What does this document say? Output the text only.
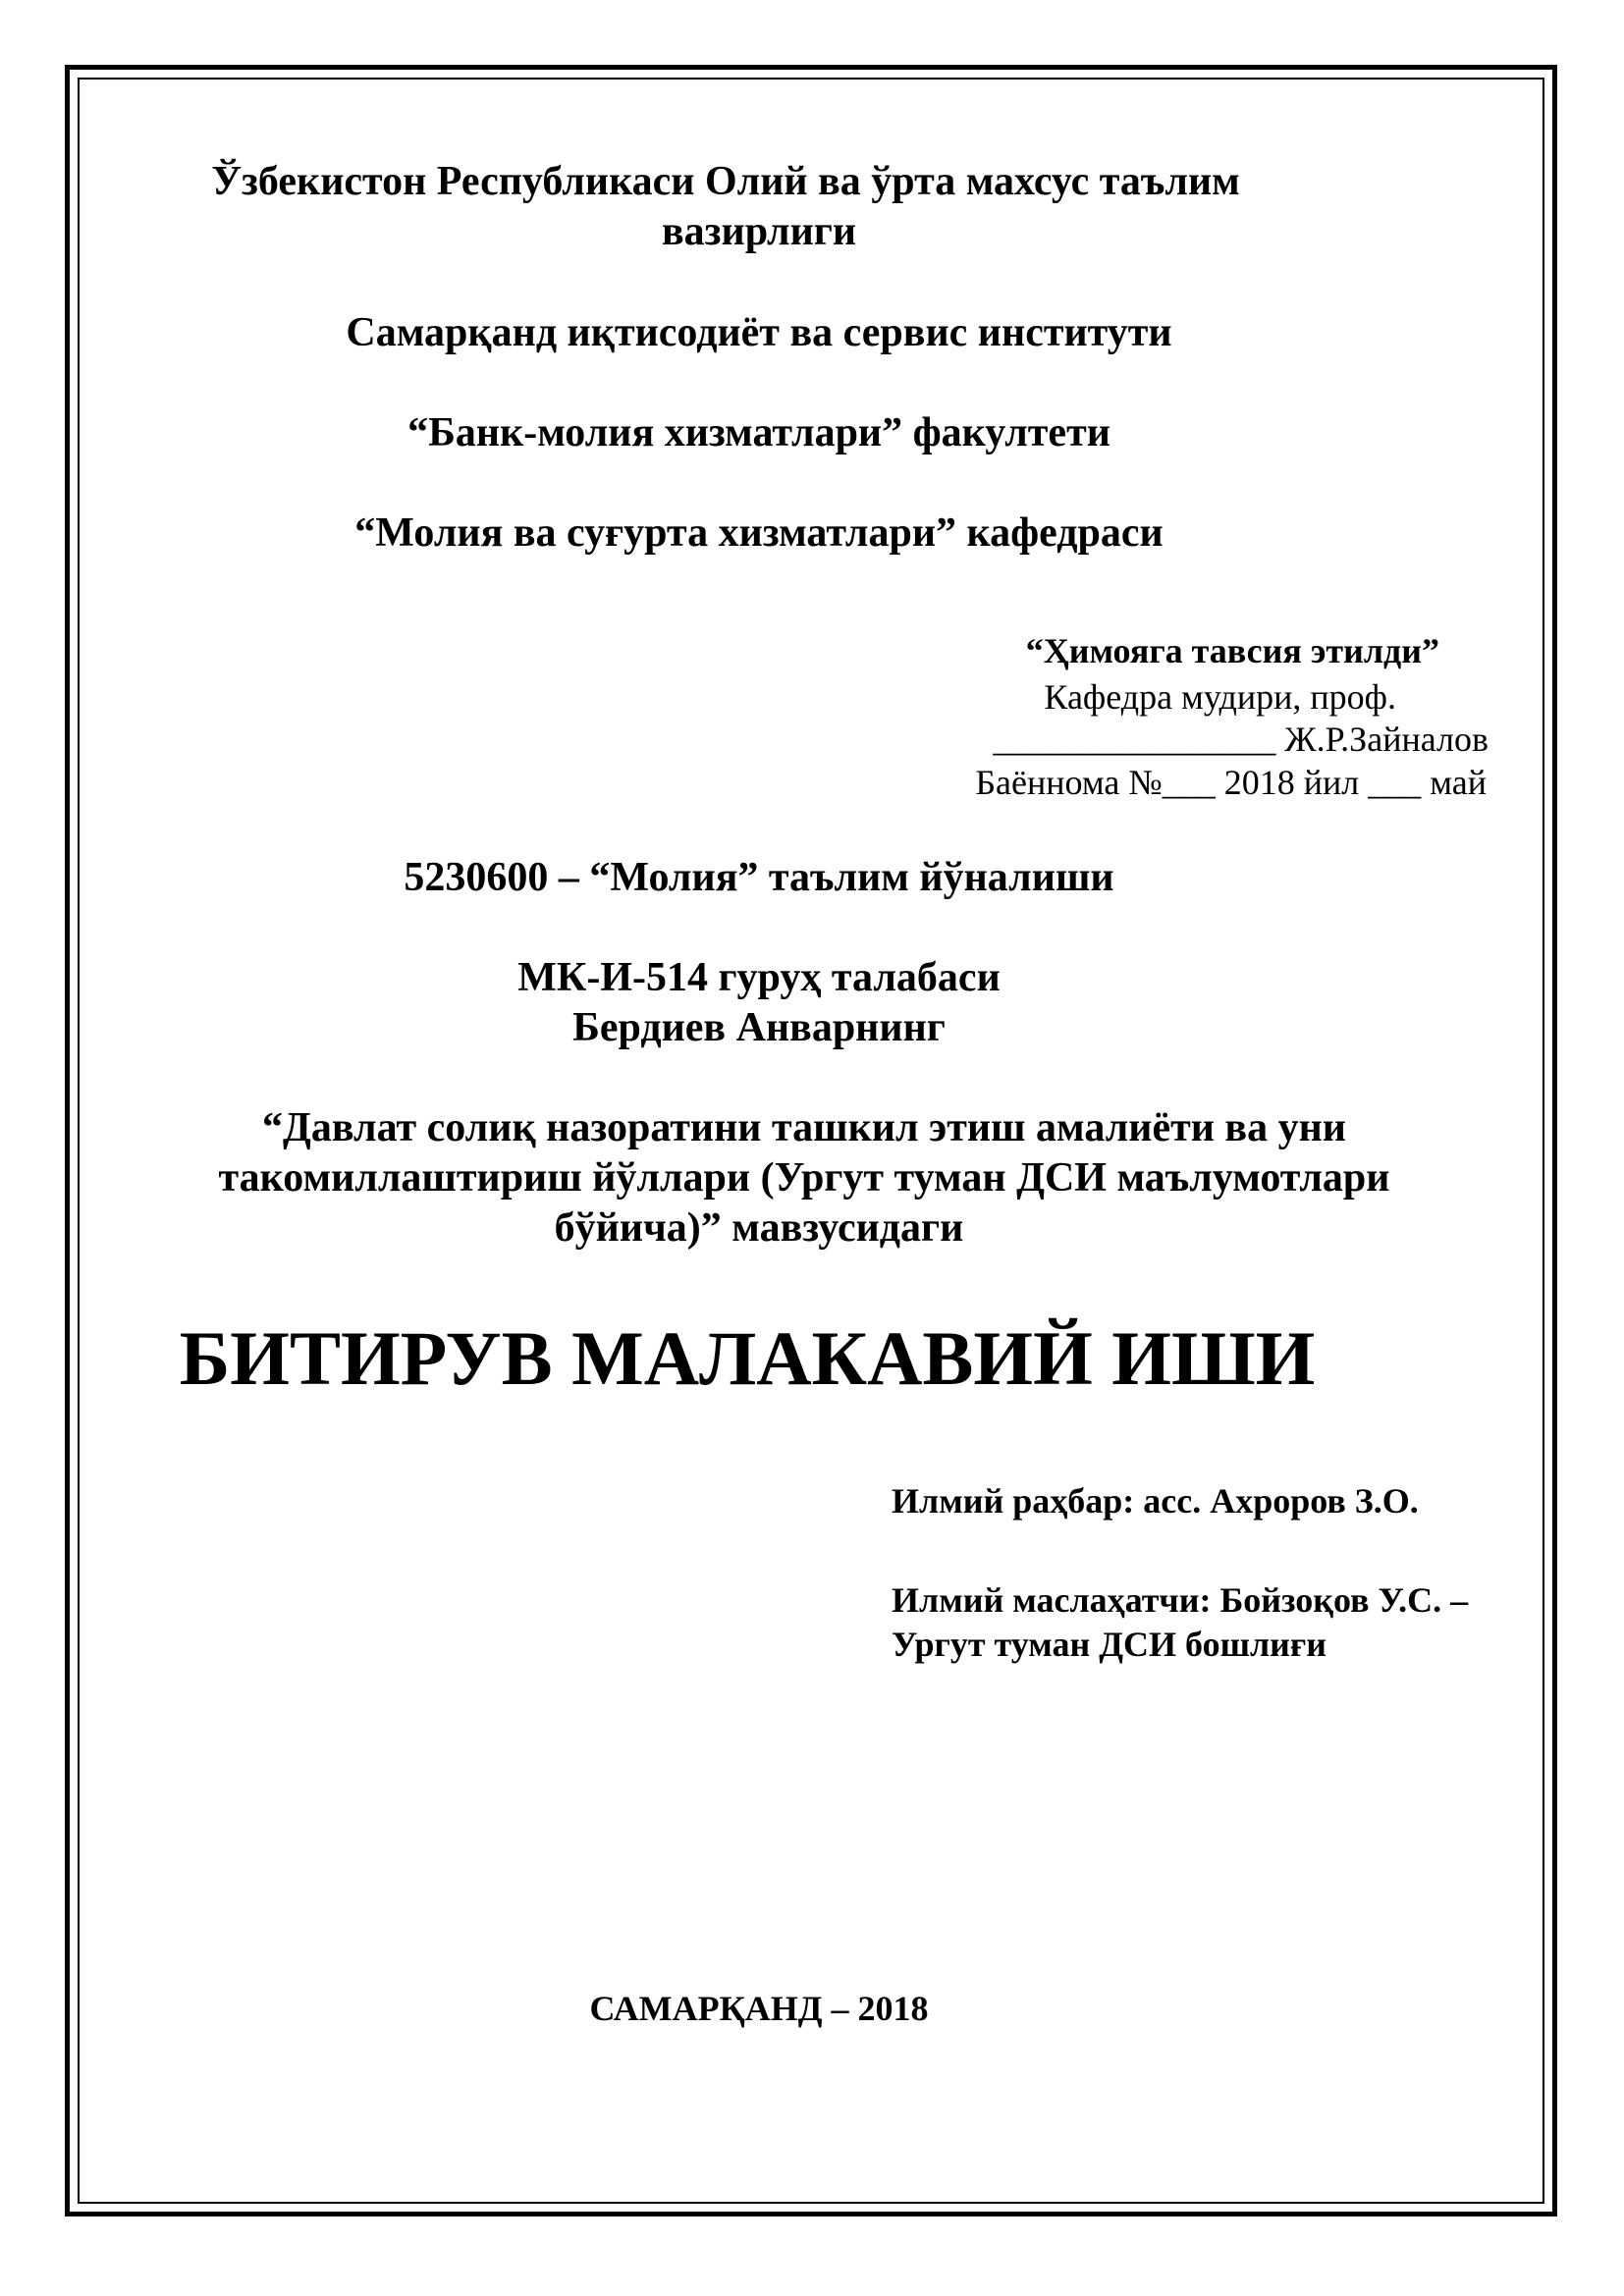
Ўзбекистон Республикаси Олий ва ўрта махсус таълим
вазирлиги
Самарқанд иқтисодиёт ва сервис институти
“Банк-молия хизматлари” факултети
“Молия ва суғурта хизматлари” кафедраси
“Ҳимояга тавсия этилди”
Кафедра мудири, проф.
________________ Ж.Р.Зайналов
Баённома №___ 2018 йил ___ май
5230600 – “Молия” таълим йўналиши
МК-И-514 гуруҳ талабаси
Бердиев Анварнинг
“Давлат солиқ назоратини ташкил этиш амалиёти ва уни
такомиллаштириш йўллари (Ургут туман ДСИ маълумотлари
бўйича)” мавзусидаги
БИТИРУВ МАЛАКАВИЙ ИШИ
Илмий раҳбар: асс. Ахроров З.О.
Илмий маслаҳатчи: Бойзоқов У.С. –
Ургут туман ДСИ бошлиғи
САМАРҚАНД – 2018
